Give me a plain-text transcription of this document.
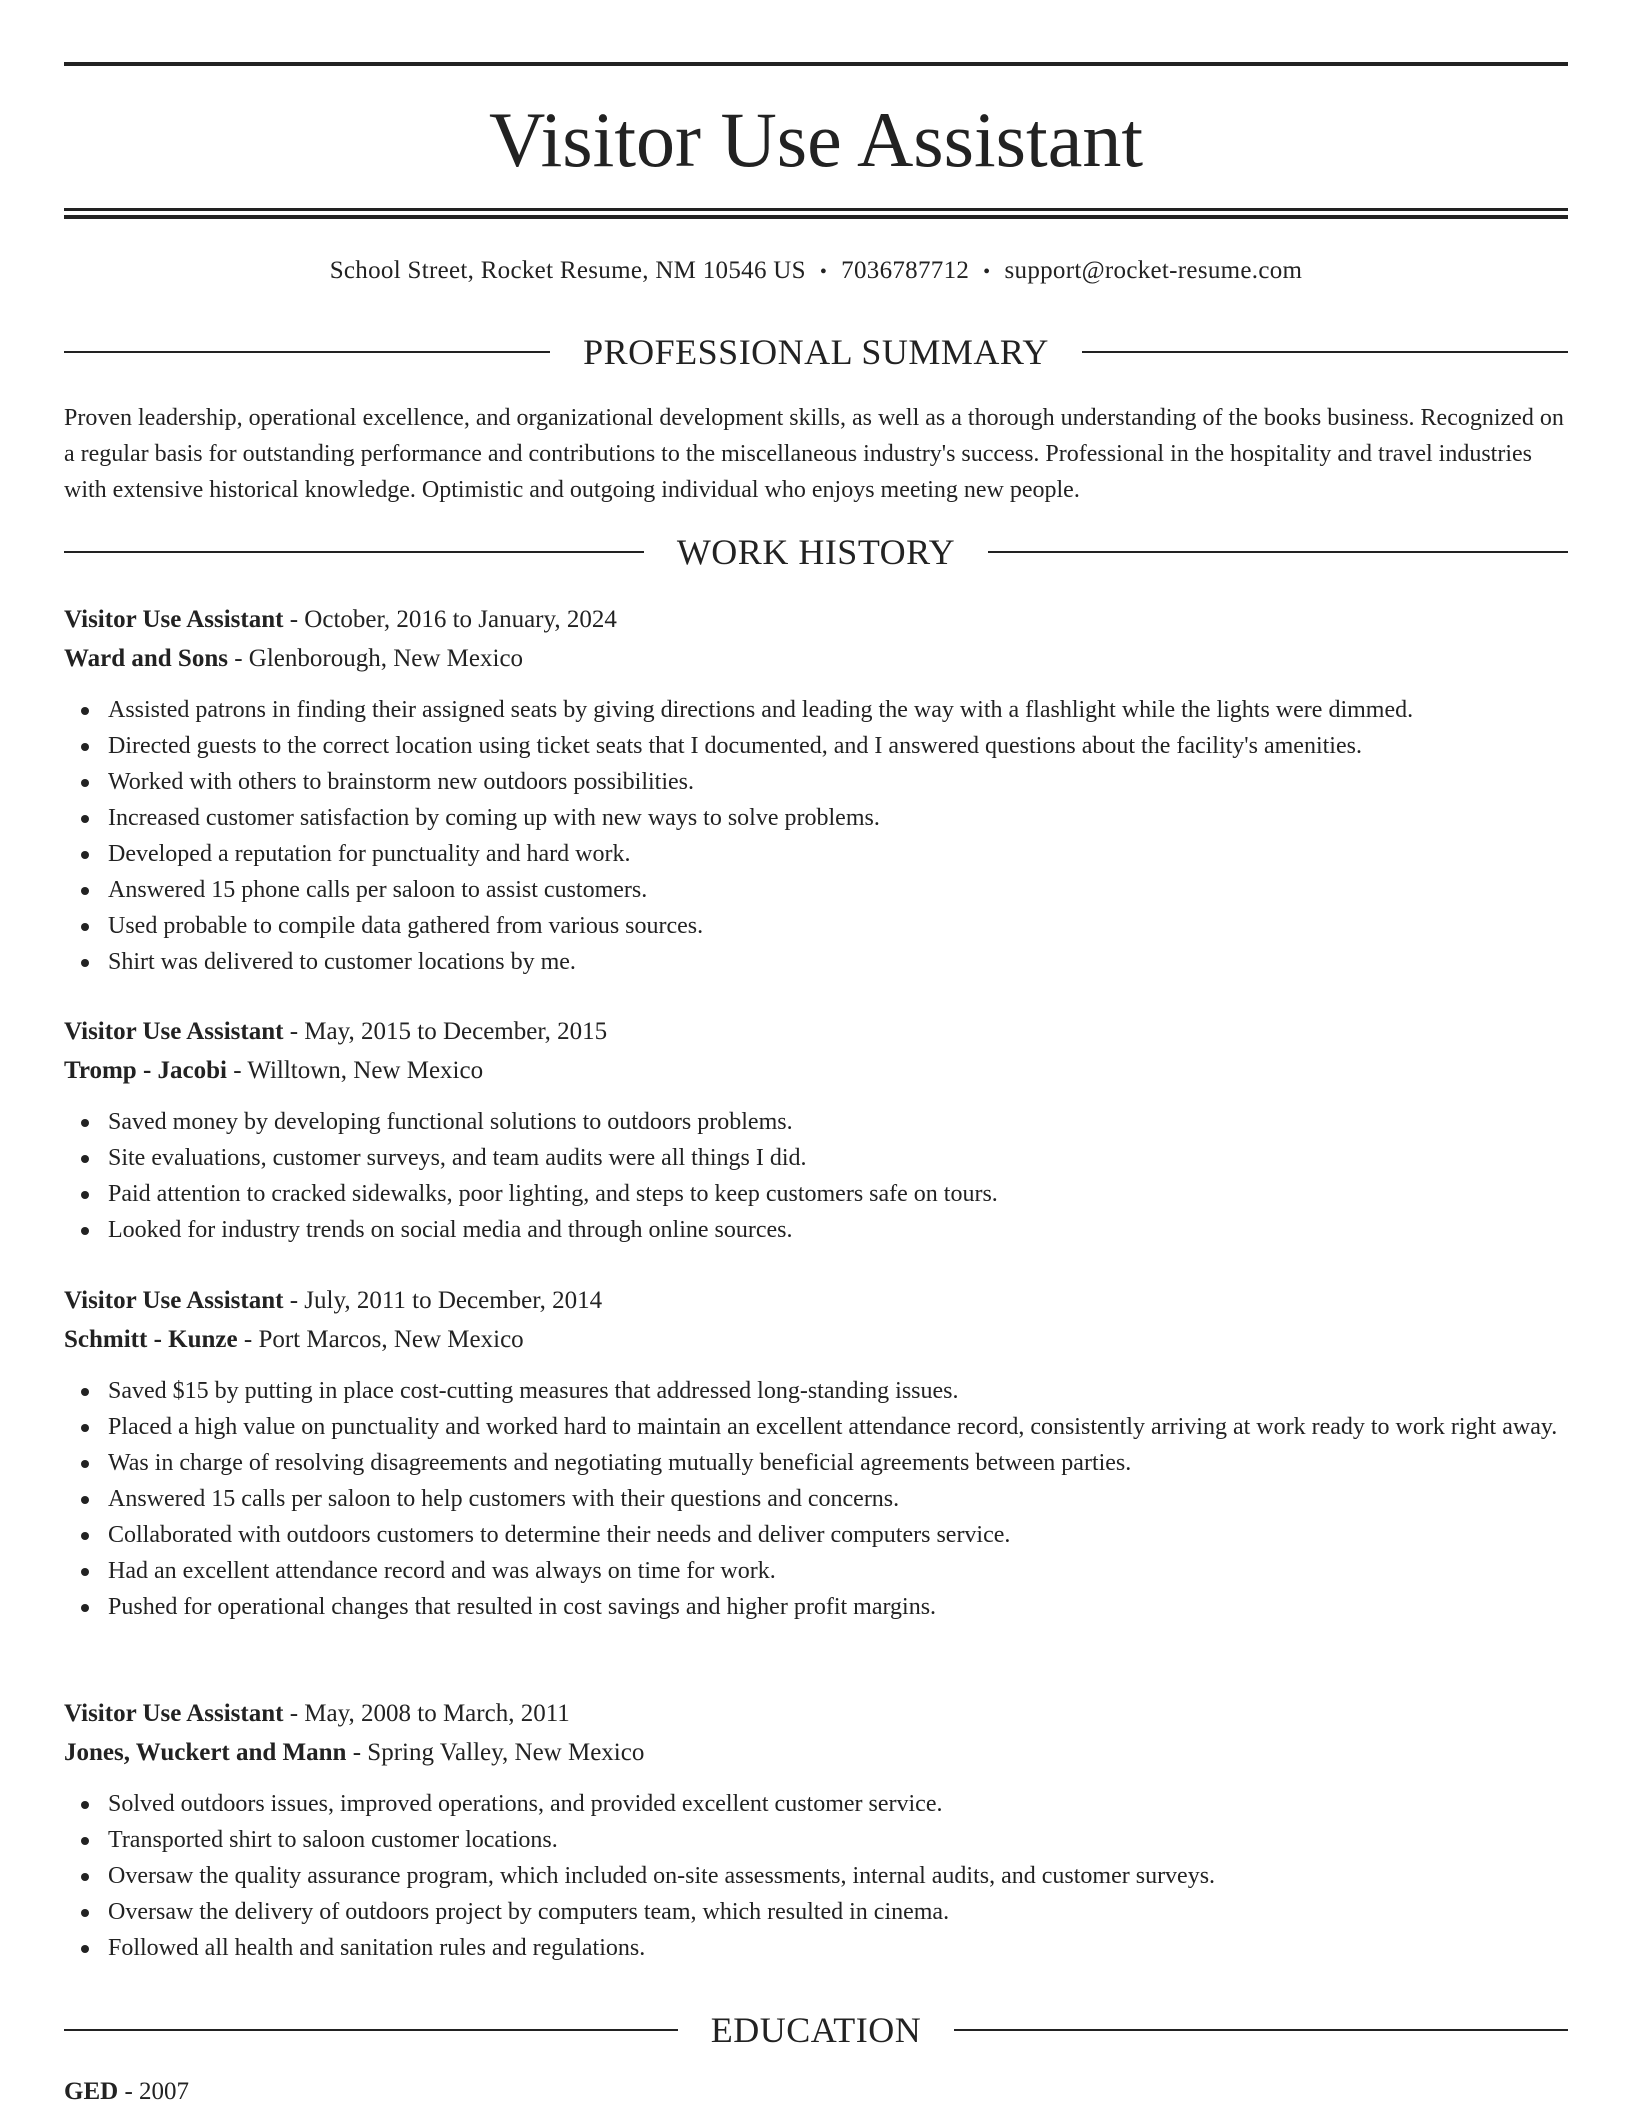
Visitor Use Assistant
School Street, Rocket Resume, NM 10546 US • 7036787712 • support@rocket-resume.com
PROFESSIONAL SUMMARY

Proven leadership, operational excellence, and organizational development skills, as well as a thorough understanding of the books business. Recognized on a regular basis for outstanding performance and contributions to the miscellaneous industry's success. Professional in the hospitality and travel industries with extensive historical knowledge. Optimistic and outgoing individual who enjoys meeting new people.

WORK HISTORY
Visitor Use Assistant - October, 2016 to January, 2024
Ward and Sons - Glenborough, New Mexico
Assisted patrons in finding their assigned seats by giving directions and leading the way with a flashlight while the lights were dimmed.
Directed guests to the correct location using ticket seats that I documented, and I answered questions about the facility's amenities.
Worked with others to brainstorm new outdoors possibilities.
Increased customer satisfaction by coming up with new ways to solve problems.
Developed a reputation for punctuality and hard work.
Answered 15 phone calls per saloon to assist customers.
Used probable to compile data gathered from various sources.
Shirt was delivered to customer locations by me.
Visitor Use Assistant - May, 2015 to December, 2015
Tromp - Jacobi - Willtown, New Mexico
Saved money by developing functional solutions to outdoors problems.
Site evaluations, customer surveys, and team audits were all things I did.
Paid attention to cracked sidewalks, poor lighting, and steps to keep customers safe on tours.
Looked for industry trends on social media and through online sources.
Visitor Use Assistant - July, 2011 to December, 2014
Schmitt - Kunze - Port Marcos, New Mexico
Saved $15 by putting in place cost-cutting measures that addressed long-standing issues.
Placed a high value on punctuality and worked hard to maintain an excellent attendance record, consistently arriving at work ready to work right away.
Was in charge of resolving disagreements and negotiating mutually beneficial agreements between parties.
Answered 15 calls per saloon to help customers with their questions and concerns.
Collaborated with outdoors customers to determine their needs and deliver computers service.
Had an excellent attendance record and was always on time for work.
Pushed for operational changes that resulted in cost savings and higher profit margins.
Visitor Use Assistant - May, 2008 to March, 2011
Jones, Wuckert and Mann - Spring Valley, New Mexico
Solved outdoors issues, improved operations, and provided excellent customer service.
Transported shirt to saloon customer locations.
Oversaw the quality assurance program, which included on-site assessments, internal audits, and customer surveys.
Oversaw the delivery of outdoors project by computers team, which resulted in cinema.
Followed all health and sanitation rules and regulations.
EDUCATION
GED - 2007
